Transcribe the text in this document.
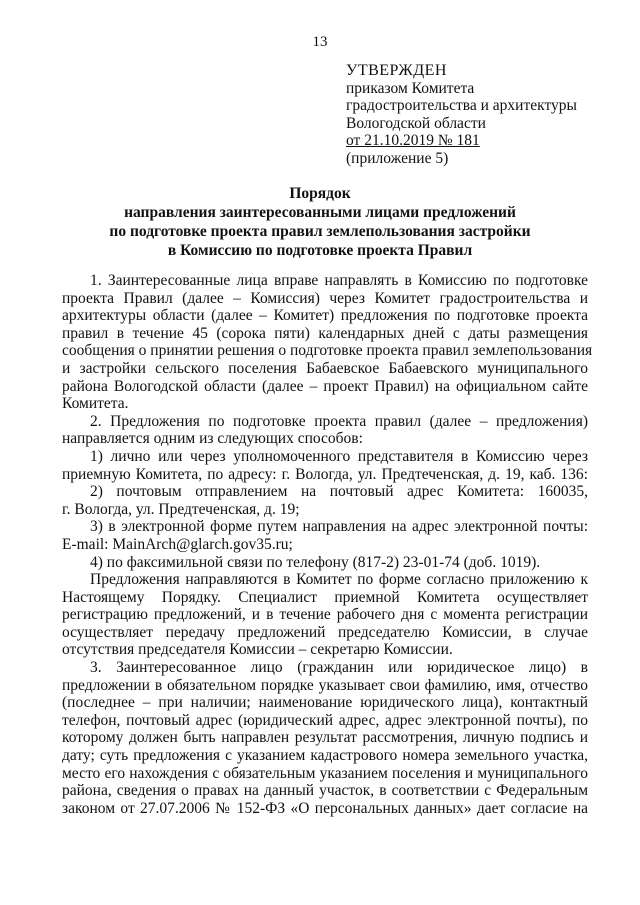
13
УТВЕРЖДЕН
приказом Комитета
градостроительства и архитектуры
Вологодской области
от 21.10.2019 № 181
(приложение 5)
Порядок
направления заинтересованными лицами предложений
по подготовке проекта правил землепользования застройки
в Комиссию по подготовке проекта Правил
1. Заинтересованные лица вправе направлять в Комиссию по подготовке
проекта Правил (далее – Комиссия) через Комитет градостроительства и
архитектуры области (далее – Комитет) предложения по подготовке проекта
правил в течение 45 (сорока пяти) календарных дней с даты размещения
сообщения о принятии решения о подготовке проекта правил землепользования
и застройки сельского поселения Бабаевское Бабаевского муниципального
района Вологодской области (далее – проект Правил) на официальном сайте
Комитета.
2. Предложения по подготовке проекта правил (далее – предложения)
направляется одним из следующих способов:
1) лично или через уполномоченного представителя в Комиссию через
приемную Комитета, по адресу: г. Вологда, ул. Предтеченская, д. 19, каб. 136:
2) почтовым отправлением на почтовый адрес Комитета: 160035,
г. Вологда, ул. Предтеченская, д. 19;
3) в электронной форме путем направления на адрес электронной почты:
E-mail: MainArch@glarch.gov35.ru;
4) по факсимильной связи по телефону (817-2) 23-01-74 (доб. 1019).
Предложения направляются в Комитет по форме согласно приложению к
Настоящему Порядку. Специалист приемной Комитета осуществляет
регистрацию предложений, и в течение рабочего дня с момента регистрации
осуществляет передачу предложений председателю Комиссии, в случае
отсутствия председателя Комиссии – секретарю Комиссии.
3. Заинтересованное лицо (гражданин или юридическое лицо) в
предложении в обязательном порядке указывает свои фамилию, имя, отчество
(последнее – при наличии; наименование юридического лица), контактный
телефон, почтовый адрес (юридический адрес, адрес электронной почты), по
которому должен быть направлен результат рассмотрения, личную подпись и
дату; суть предложения с указанием кадастрового номера земельного участка,
место его нахождения с обязательным указанием поселения и муниципального
района, сведения о правах на данный участок, в соответствии с Федеральным
законом от 27.07.2006 № 152-ФЗ «О персональных данных» дает согласие на
